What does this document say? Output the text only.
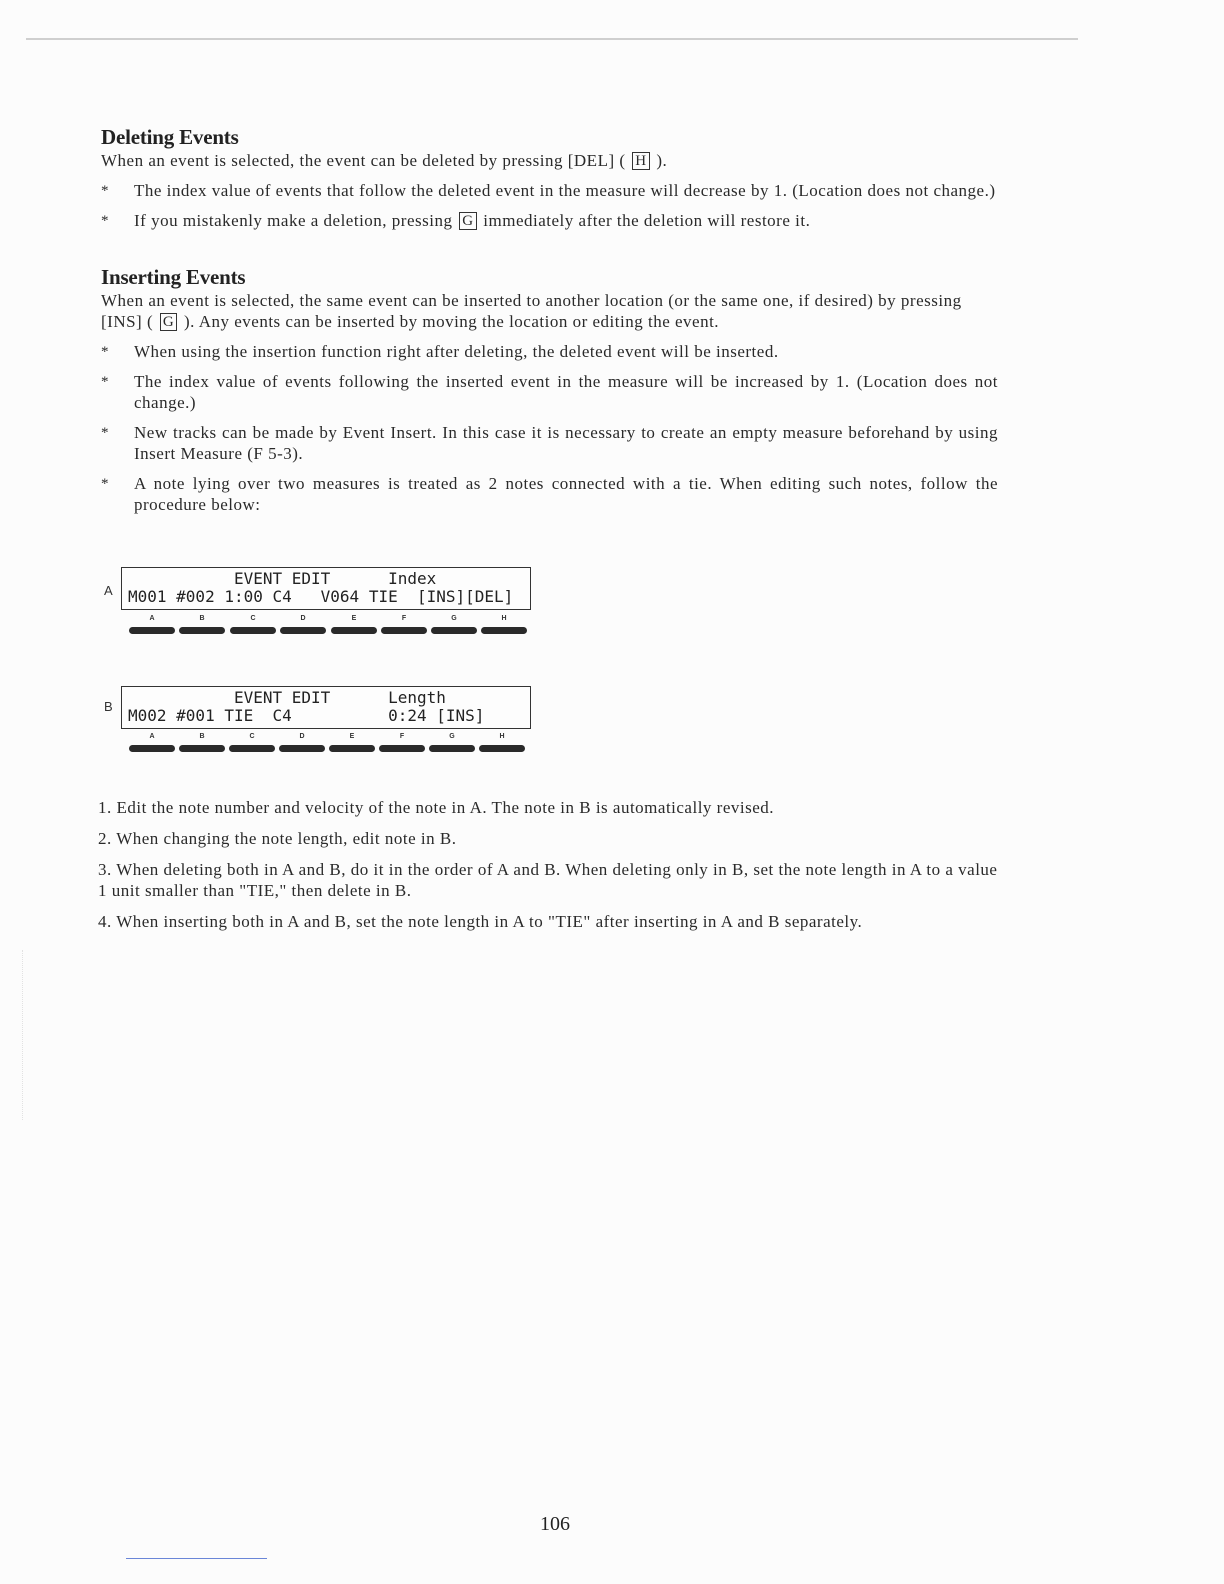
Deleting Events

When an event is selected, the event can be deleted by pressing [DEL] ( H ).

* The index value of events that follow the deleted event in the measure will decrease by 1. (Location does not change.)
* If you mistakenly make a deletion, pressing G immediately after the deletion will restore it.
Inserting Events

When an event is selected, the same event can be inserted to another location (or the same one, if desired) by pressing [INS] ( G ). Any events can be inserted by moving the location or editing the event.

* When using the insertion function right after deleting, the deleted event will be inserted.
* The index value of events following the inserted event in the measure will be increased by 1. (Location does not change.)
* New tracks can be made by Event Insert. In this case it is necessary to create an empty measure beforehand by using Insert Measure (F 5-3).
* A note lying over two measures is treated as 2 notes connected with a tie. When editing such notes, follow the procedure below:
A
EVENT EDIT      Index
M001 #002 1:00 C4   V064 TIE  [INS][DEL]
A	B	C	D	E	F	G	H
B EVENT EDIT      Length
M002 #001 TIE  C4          0:24 [INS]
A	B	C	D	E	F	G	H
1. Edit the note number and velocity of the note in A. The note in B is automatically revised.
2. When changing the note length, edit note in B.
3. When deleting both in A and B, do it in the order of A and B. When deleting only in B, set the note length in A to a value 1 unit smaller than "TIE," then delete in B.
4. When inserting both in A and B, set the note length in A to "TIE" after inserting in A and B separately.
106
